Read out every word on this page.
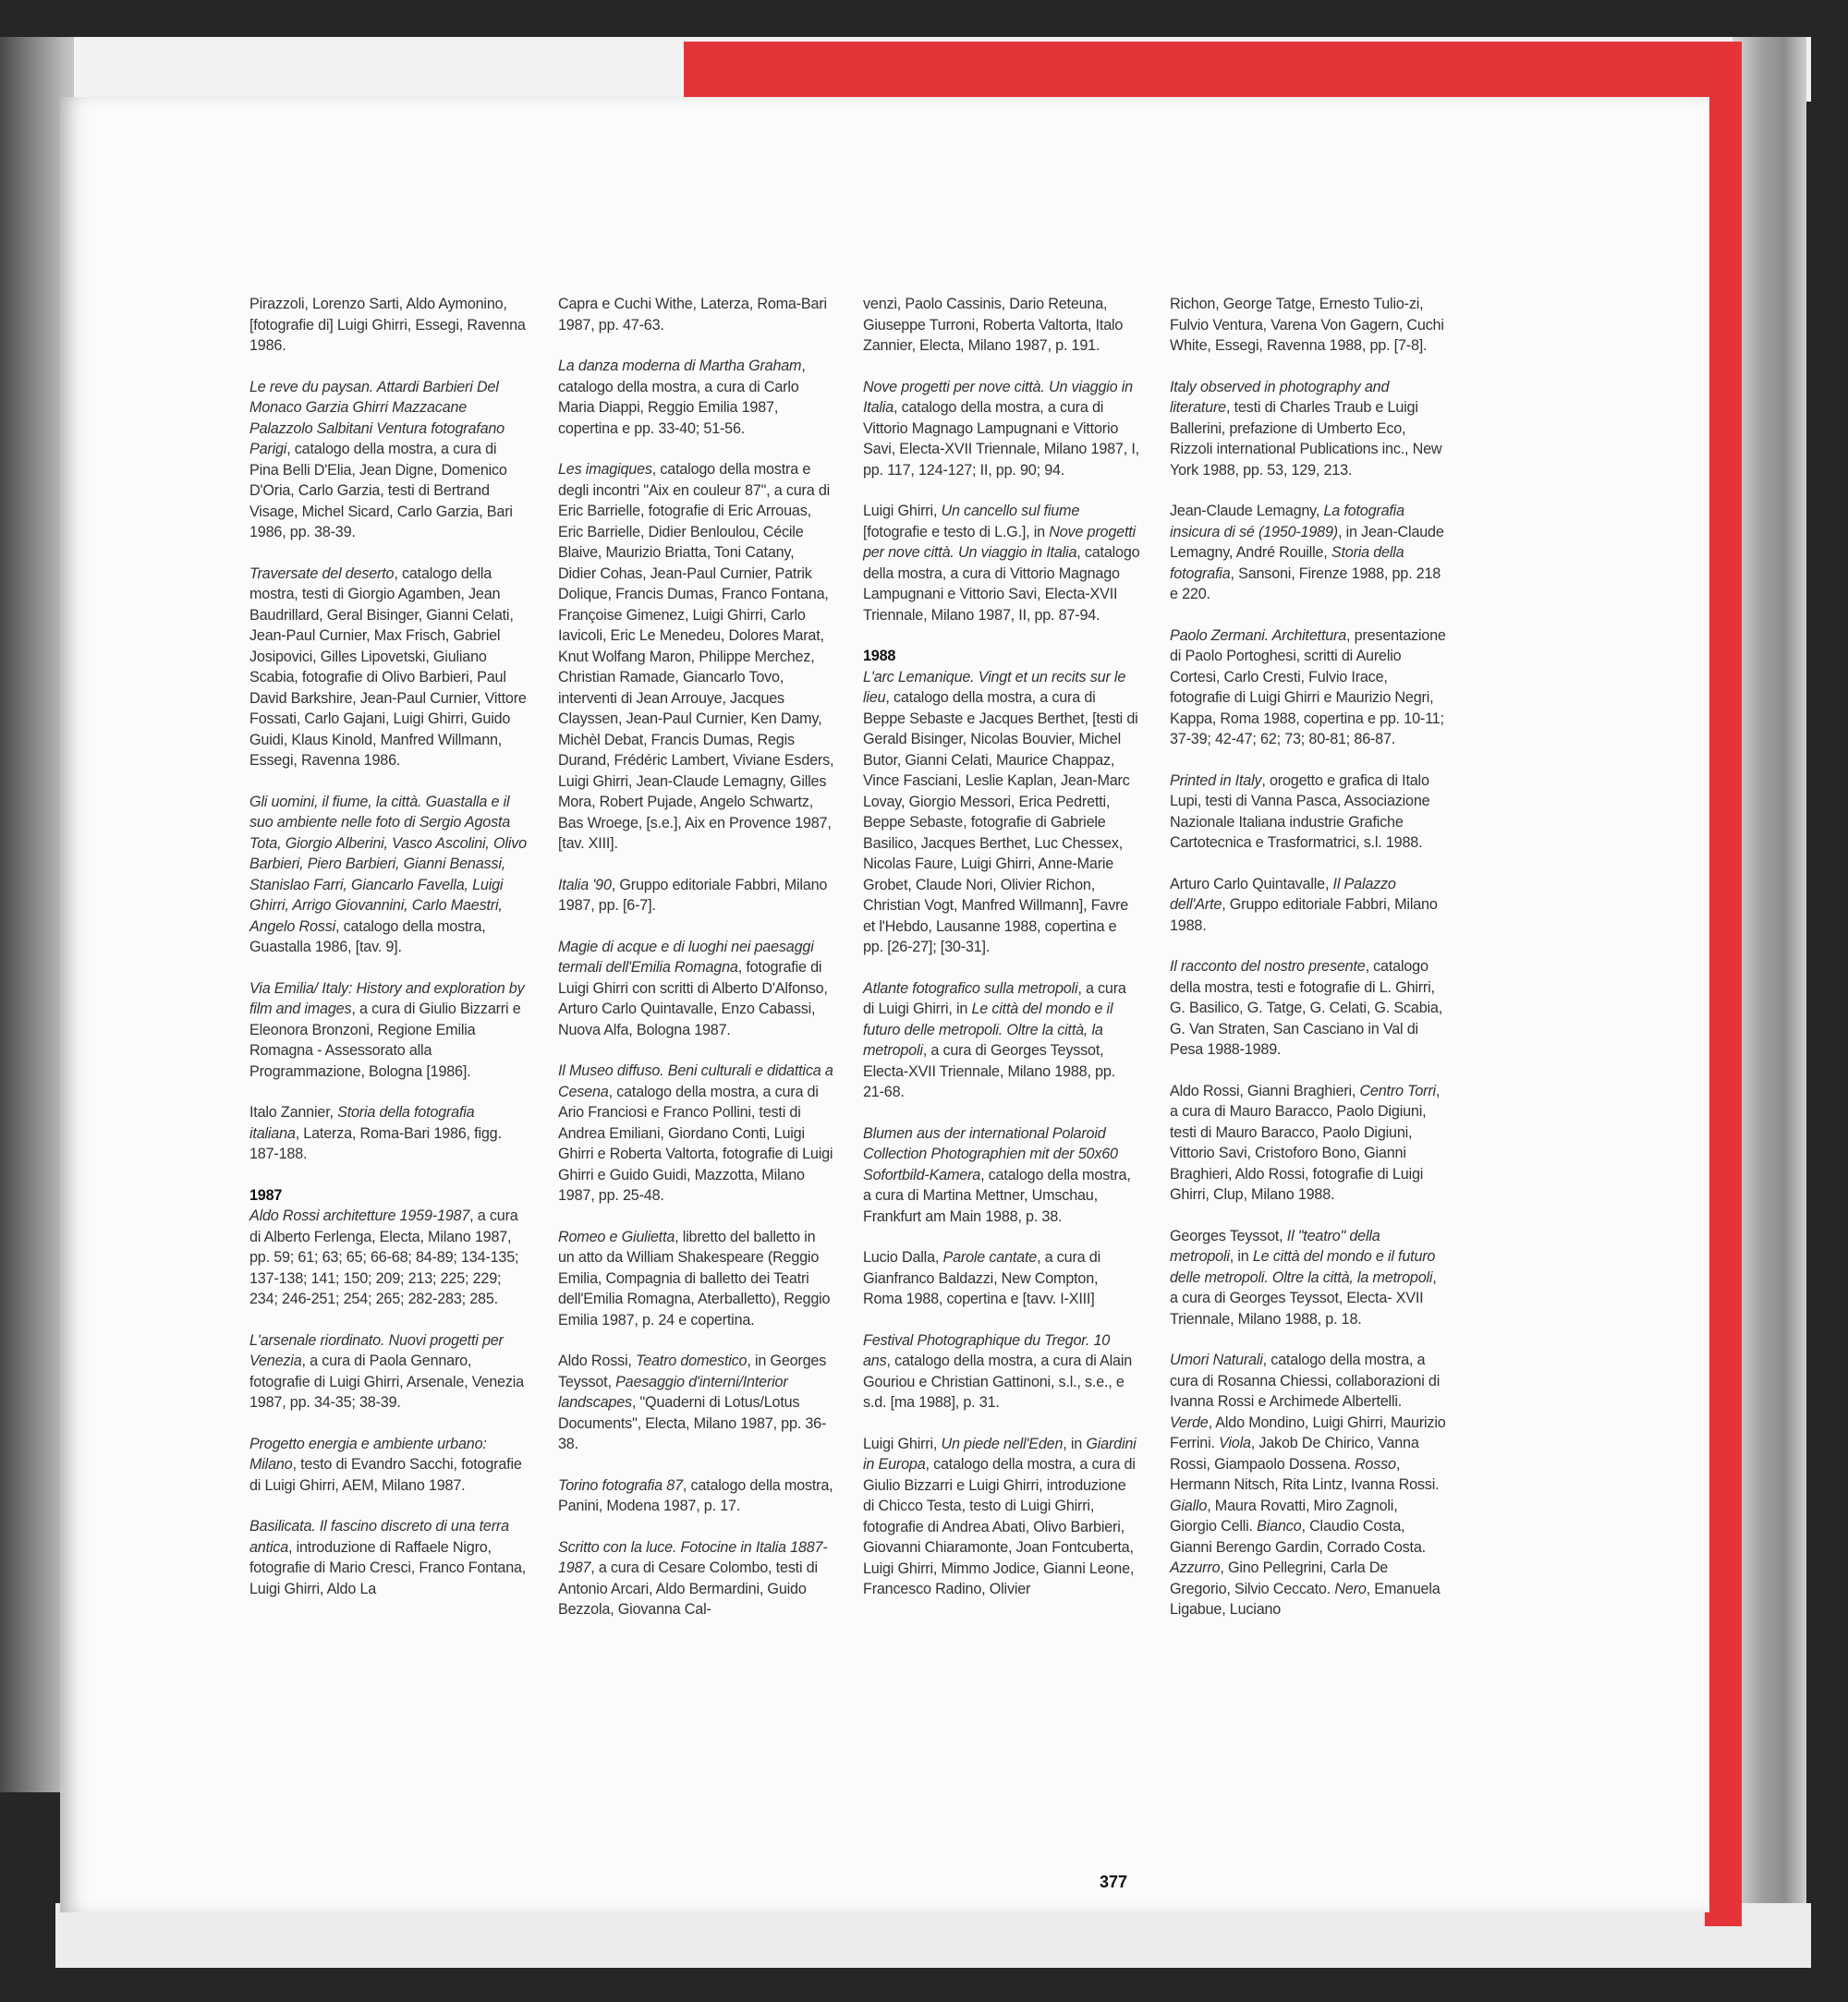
Pirazzoli, Lorenzo Sarti, Aldo Aymonino, [fotografie di] Luigi Ghirri, Essegi, Ravenna 1986.
Le reve du paysan. Attardi Barbieri Del Monaco Garzia Ghirri Mazzacane Palazzolo Salbitani Ventura fotografano Parigi, catalogo della mostra, a cura di Pina Belli D'Elia, Jean Digne, Domenico D'Oria, Carlo Garzia, testi di Bertrand Visage, Michel Sicard, Carlo Garzia, Bari 1986, pp. 38-39.
Traversate del deserto, catalogo della mostra, testi di Giorgio Agamben, Jean Baudrillard, Geral Bisinger, Gianni Celati, Jean-Paul Curnier, Max Frisch, Gabriel Josipovici, Gilles Lipovetski, Giuliano Scabia, fotografie di Olivo Barbieri, Paul David Barkshire, Jean-Paul Curnier, Vittore Fossati, Carlo Gajani, Luigi Ghirri, Guido Guidi, Klaus Kinold, Manfred Willmann, Essegi, Ravenna 1986.
Gli uomini, il fiume, la città. Guastalla e il suo ambiente nelle foto di Sergio Agosta Tota, Giorgio Alberini, Vasco Ascolini, Olivo Barbieri, Piero Barbieri, Gianni Benassi, Stanislao Farri, Giancarlo Favella, Luigi Ghirri, Arrigo Giovannini, Carlo Maestri, Angelo Rossi, catalogo della mostra, Guastalla 1986, [tav. 9].
Via Emilia/ Italy: History and exploration by film and images, a cura di Giulio Bizzarri e Eleonora Bronzoni, Regione Emilia Romagna - Assessorato alla Programmazione, Bologna [1986].
Italo Zannier, Storia della fotografia italiana, Laterza, Roma-Bari 1986, figg. 187-188.
1987
Aldo Rossi architetture 1959-1987, a cura di Alberto Ferlenga, Electa, Milano 1987, pp. 59; 61; 63; 65; 66-68; 84-89; 134-135; 137-138; 141; 150; 209; 213; 225; 229; 234; 246-251; 254; 265; 282-283; 285.
L'arsenale riordinato. Nuovi progetti per Venezia, a cura di Paola Gennaro, fotografie di Luigi Ghirri, Arsenale, Venezia 1987, pp. 34-35; 38-39.
Progetto energia e ambiente urbano: Milano, testo di Evandro Sacchi, fotografie di Luigi Ghirri, AEM, Milano 1987.
Basilicata. Il fascino discreto di una terra antica, introduzione di Raffaele Nigro, fotografie di Mario Cresci, Franco Fontana, Luigi Ghirri, Aldo La
Capra e Cuchi Withe, Laterza, Roma-Bari 1987, pp. 47-63.
La danza moderna di Martha Graham, catalogo della mostra, a cura di Carlo Maria Diappi, Reggio Emilia 1987, copertina e pp. 33-40; 51-56.
Les imagiques, catalogo della mostra e degli incontri "Aix en couleur 87", a cura di Eric Barrielle, fotografie di Eric Arrouas, Eric Barrielle, Didier Benloulou, Cécile Blaive, Maurizio Briatta, Toni Catany, Didier Cohas, Jean-Paul Curnier, Patrik Dolique, Francis Dumas, Franco Fontana, Françoise Gimenez, Luigi Ghirri, Carlo Iavicoli, Eric Le Menedeu, Dolores Marat, Knut Wolfang Maron, Philippe Merchez, Christian Ramade, Giancarlo Tovo, interventi di Jean Arrouye, Jacques Clayssen, Jean-Paul Curnier, Ken Damy, Michèl Debat, Francis Dumas, Regis Durand, Frédéric Lambert, Viviane Esders, Luigi Ghirri, Jean-Claude Lemagny, Gilles Mora, Robert Pujade, Angelo Schwartz, Bas Wroege, [s.e.], Aix en Provence 1987, [tav. XIII].
Italia '90, Gruppo editoriale Fabbri, Milano 1987, pp. [6-7].
Magie di acque e di luoghi nei paesaggi termali dell'Emilia Romagna, fotografie di Luigi Ghirri con scritti di Alberto D'Alfonso, Arturo Carlo Quintavalle, Enzo Cabassi, Nuova Alfa, Bologna 1987.
Il Museo diffuso. Beni culturali e didattica a Cesena, catalogo della mostra, a cura di Ario Franciosi e Franco Pollini, testi di Andrea Emiliani, Giordano Conti, Luigi Ghirri e Roberta Valtorta, fotografie di Luigi Ghirri e Guido Guidi, Mazzotta, Milano 1987, pp. 25-48.
Romeo e Giulietta, libretto del balletto in un atto da William Shakespeare (Reggio Emilia, Compagnia di balletto dei Teatri dell'Emilia Romagna, Aterballetto), Reggio Emilia 1987, p. 24 e copertina.
Aldo Rossi, Teatro domestico, in Georges Teyssot, Paesaggio d'interni/Interior landscapes, "Quaderni di Lotus/Lotus Documents", Electa, Milano 1987, pp. 36-38.
Torino fotografia 87, catalogo della mostra, Panini, Modena 1987, p. 17.
Scritto con la luce. Fotocine in Italia 1887-1987, a cura di Cesare Colombo, testi di Antonio Arcari, Aldo Bermardini, Guido Bezzola, Giovanna Cal-
venzi, Paolo Cassinis, Dario Reteuna, Giuseppe Turroni, Roberta Valtorta, Italo Zannier, Electa, Milano 1987, p. 191.
Nove progetti per nove città. Un viaggio in Italia, catalogo della mostra, a cura di Vittorio Magnago Lampugnani e Vittorio Savi, Electa-XVII Triennale, Milano 1987, I, pp. 117, 124-127; II, pp. 90; 94.
Luigi Ghirri, Un cancello sul fiume [fotografie e testo di L.G.], in Nove progetti per nove città. Un viaggio in Italia, catalogo della mostra, a cura di Vittorio Magnago Lampugnani e Vittorio Savi, Electa-XVII Triennale, Milano 1987, II, pp. 87-94.
1988
L'arc Lemanique. Vingt et un recits sur le lieu, catalogo della mostra, a cura di Beppe Sebaste e Jacques Berthet, [testi di Gerald Bisinger, Nicolas Bouvier, Michel Butor, Gianni Celati, Maurice Chappaz, Vince Fasciani, Leslie Kaplan, Jean-Marc Lovay, Giorgio Messori, Erica Pedretti, Beppe Sebaste, fotografie di Gabriele Basilico, Jacques Berthet, Luc Chessex, Nicolas Faure, Luigi Ghirri, Anne-Marie Grobet, Claude Nori, Olivier Richon, Christian Vogt, Manfred Willmann], Favre et l'Hebdo, Lausanne 1988, copertina e pp. [26-27]; [30-31].
Atlante fotografico sulla metropoli, a cura di Luigi Ghirri, in Le città del mondo e il futuro delle metropoli. Oltre la città, la metropoli, a cura di Georges Teyssot, Electa-XVII Triennale, Milano 1988, pp. 21-68.
Blumen aus der international Polaroid Collection Photographien mit der 50x60 Sofortbild-Kamera, catalogo della mostra, a cura di Martina Mettner, Umschau, Frankfurt am Main 1988, p. 38.
Lucio Dalla, Parole cantate, a cura di Gianfranco Baldazzi, New Compton, Roma 1988, copertina e [tavv. I-XIII]
Festival Photographique du Tregor. 10 ans, catalogo della mostra, a cura di Alain Gouriou e Christian Gattinoni, s.l., s.e., e s.d. [ma 1988], p. 31.
Luigi Ghirri, Un piede nell'Eden, in Giardini in Europa, catalogo della mostra, a cura di Giulio Bizzarri e Luigi Ghirri, introduzione di Chicco Testa, testo di Luigi Ghirri, fotografie di Andrea Abati, Olivo Barbieri, Giovanni Chiaramonte, Joan Fontcuberta, Luigi Ghirri, Mimmo Jodice, Gianni Leone, Francesco Radino, Olivier
Richon, George Tatge, Ernesto Tulio-zi, Fulvio Ventura, Varena Von Gagern, Cuchi White, Essegi, Ravenna 1988, pp. [7-8].
Italy observed in photography and literature, testi di Charles Traub e Luigi Ballerini, prefazione di Umberto Eco, Rizzoli international Publications inc., New York 1988, pp. 53, 129, 213.
Jean-Claude Lemagny, La fotografia insicura di sé (1950-1989), in Jean-Claude Lemagny, André Rouille, Storia della fotografia, Sansoni, Firenze 1988, pp. 218 e 220.
Paolo Zermani. Architettura, presentazione di Paolo Portoghesi, scritti di Aurelio Cortesi, Carlo Cresti, Fulvio Irace, fotografie di Luigi Ghirri e Maurizio Negri, Kappa, Roma 1988, copertina e pp. 10-11; 37-39; 42-47; 62; 73; 80-81; 86-87.
Printed in Italy, orogetto e grafica di Italo Lupi, testi di Vanna Pasca, Associazione Nazionale Italiana industrie Grafiche Cartotecnica e Trasformatrici, s.l. 1988.
Arturo Carlo Quintavalle, Il Palazzo dell'Arte, Gruppo editoriale Fabbri, Milano 1988.
Il racconto del nostro presente, catalogo della mostra, testi e fotografie di L. Ghirri, G. Basilico, G. Tatge, G. Celati, G. Scabia, G. Van Straten, San Casciano in Val di Pesa 1988-1989.
Aldo Rossi, Gianni Braghieri, Centro Torri, a cura di Mauro Baracco, Paolo Digiuni, testi di Mauro Baracco, Paolo Digiuni, Vittorio Savi, Cristoforo Bono, Gianni Braghieri, Aldo Rossi, fotografie di Luigi Ghirri, Clup, Milano 1988.
Georges Teyssot, Il "teatro" della metropoli, in Le città del mondo e il futuro delle metropoli. Oltre la città, la metropoli, a cura di Georges Teyssot, Electa- XVII Triennale, Milano 1988, p. 18.
Umori Naturali, catalogo della mostra, a cura di Rosanna Chiessi, collaborazioni di Ivanna Rossi e Archimede Albertelli. Verde, Aldo Mondino, Luigi Ghirri, Maurizio Ferrini. Viola, Jakob De Chirico, Vanna Rossi, Giampaolo Dossena. Rosso, Hermann Nitsch, Rita Lintz, Ivanna Rossi. Giallo, Maura Rovatti, Miro Zagnoli, Giorgio Celli. Bianco, Claudio Costa, Gianni Berengo Gardin, Corrado Costa. Azzurro, Gino Pellegrini, Carla De Gregorio, Silvio Ceccato. Nero, Emanuela Ligabue, Luciano
377
